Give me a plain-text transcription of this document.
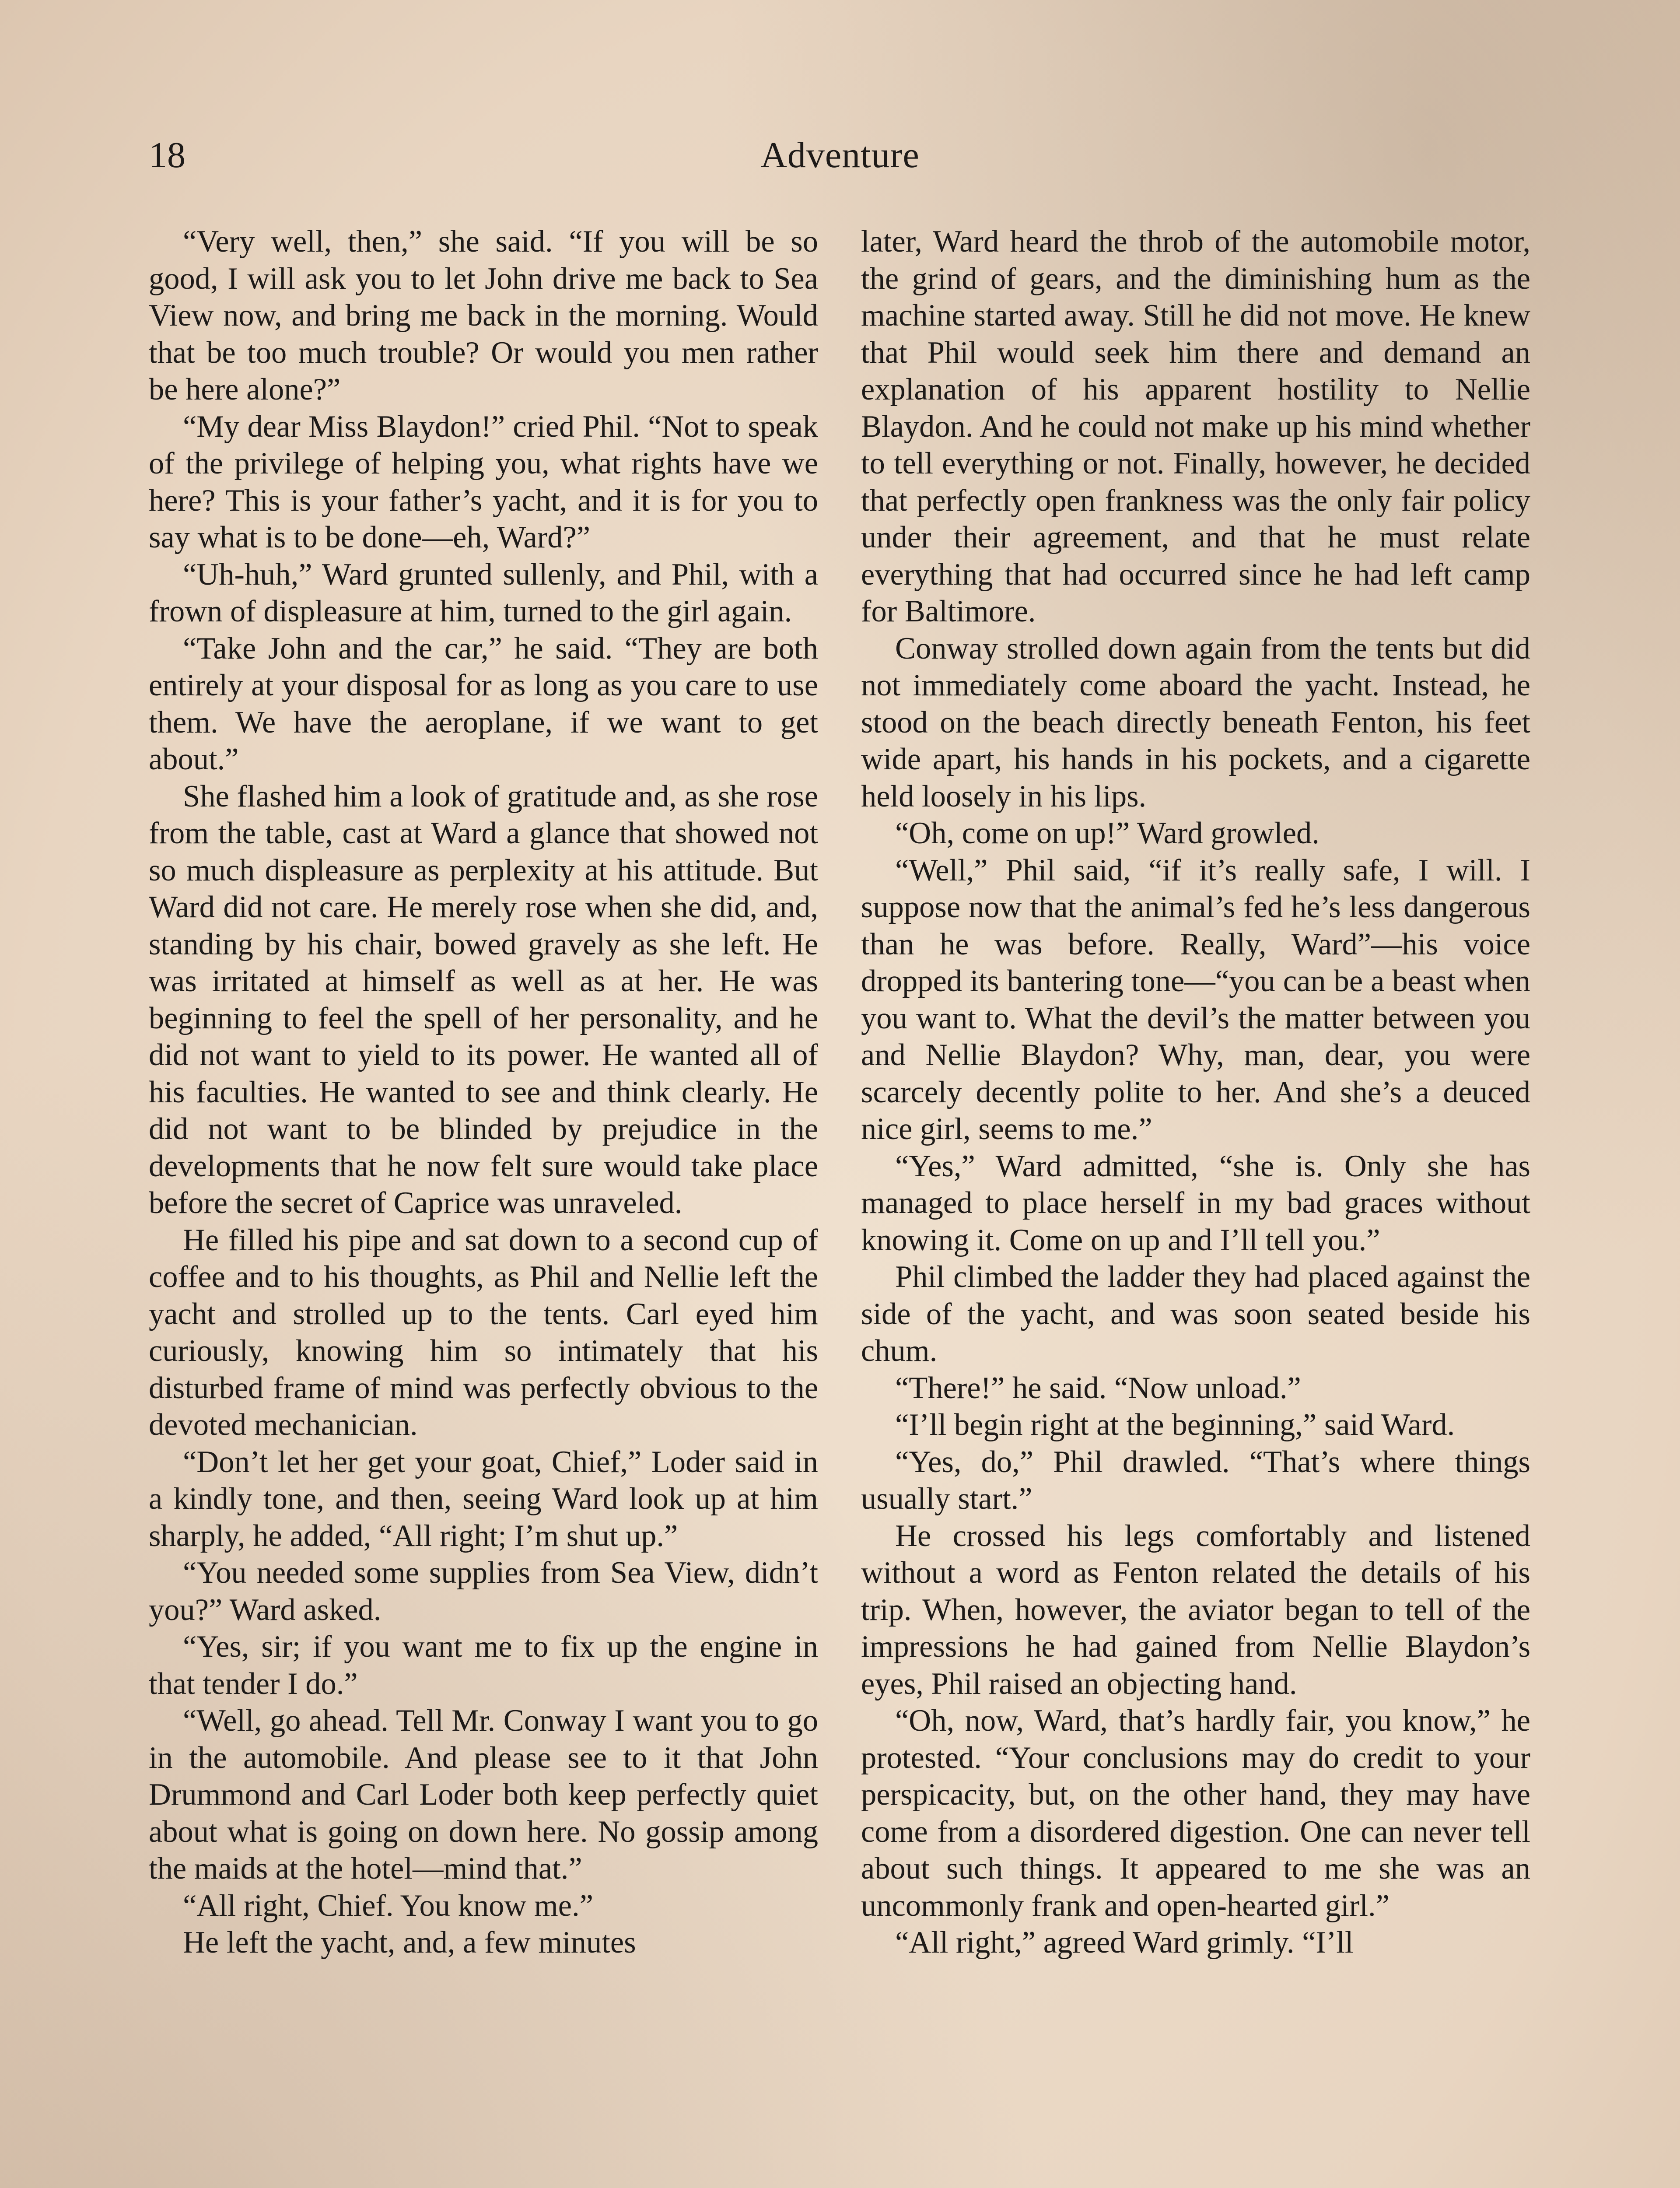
18	Adventure

“Very well, then,” she said. “If you will be so good, I will ask you to let John drive me back to Sea View now, and bring me back in the morning. Would that be too much trouble? Or would you men rather be here alone?”

“My dear Miss Blaydon!” cried Phil. “Not to speak of the privilege of helping you, what rights have we here? This is your father’s yacht, and it is for you to say what is to be done—eh, Ward?”

“Uh-huh,” Ward grunted sullenly, and Phil, with a frown of displeasure at him, turned to the girl again.

“Take John and the car,” he said. “They are both entirely at your disposal for as long as you care to use them. We have the aeroplane, if we want to get about.”

She flashed him a look of gratitude and, as she rose from the table, cast at Ward a glance that showed not so much displeasure as perplexity at his attitude. But Ward did not care. He merely rose when she did, and, standing by his chair, bowed gravely as she left. He was irritated at himself as well as at her. He was beginning to feel the spell of her personality, and he did not want to yield to its power. He wanted all of his faculties. He wanted to see and think clearly. He did not want to be blinded by prejudice in the developments that he now felt sure would take place before the secret of Caprice was unraveled.

He filled his pipe and sat down to a second cup of coffee and to his thoughts, as Phil and Nellie left the yacht and strolled up to the tents. Carl eyed him curiously, knowing him so intimately that his disturbed frame of mind was perfectly obvious to the devoted mechanician.

“Don’t let her get your goat, Chief,” Loder said in a kindly tone, and then, seeing Ward look up at him sharply, he added, “All right; I’m shut up.”

“You needed some supplies from Sea View, didn’t you?” Ward asked.

“Yes, sir; if you want me to fix up the engine in that tender I do.”

“Well, go ahead. Tell Mr. Conway I want you to go in the automobile. And please see to it that John Drummond and Carl Loder both keep perfectly quiet about what is going on down here. No gossip among the maids at the hotel—mind that.”

“All right, Chief. You know me.”

He left the yacht, and, a few minutes

later, Ward heard the throb of the automobile motor, the grind of gears, and the diminishing hum as the machine started away. Still he did not move. He knew that Phil would seek him there and demand an explanation of his apparent hostility to Nellie Blaydon. And he could not make up his mind whether to tell everything or not. Finally, however, he decided that perfectly open frankness was the only fair policy under their agreement, and that he must relate everything that had occurred since he had left camp for Baltimore.

Conway strolled down again from the tents but did not immediately come aboard the yacht. Instead, he stood on the beach directly beneath Fenton, his feet wide apart, his hands in his pockets, and a cigarette held loosely in his lips.

“Oh, come on up!” Ward growled.

“Well,” Phil said, “if it’s really safe, I will. I suppose now that the animal’s fed he’s less dangerous than he was before. Really, Ward”—his voice dropped its bantering tone—“you can be a beast when you want to. What the devil’s the matter between you and Nellie Blaydon? Why, man, dear, you were scarcely decently polite to her. And she’s a deuced nice girl, seems to me.”

“Yes,” Ward admitted, “she is. Only she has managed to place herself in my bad graces without knowing it. Come on up and I’ll tell you.”

Phil climbed the ladder they had placed against the side of the yacht, and was soon seated beside his chum.

“There!” he said. “Now unload.”

“I’ll begin right at the beginning,” said Ward.

“Yes, do,” Phil drawled. “That’s where things usually start.”

He crossed his legs comfortably and listened without a word as Fenton related the details of his trip. When, however, the aviator began to tell of the impressions he had gained from Nellie Blaydon’s eyes, Phil raised an objecting hand.

“Oh, now, Ward, that’s hardly fair, you know,” he protested. “Your conclusions may do credit to your perspicacity, but, on the other hand, they may have come from a disordered digestion. One can never tell about such things. It appeared to me she was an uncommonly frank and open-hearted girl.”

“All right,” agreed Ward grimly. “I’ll
